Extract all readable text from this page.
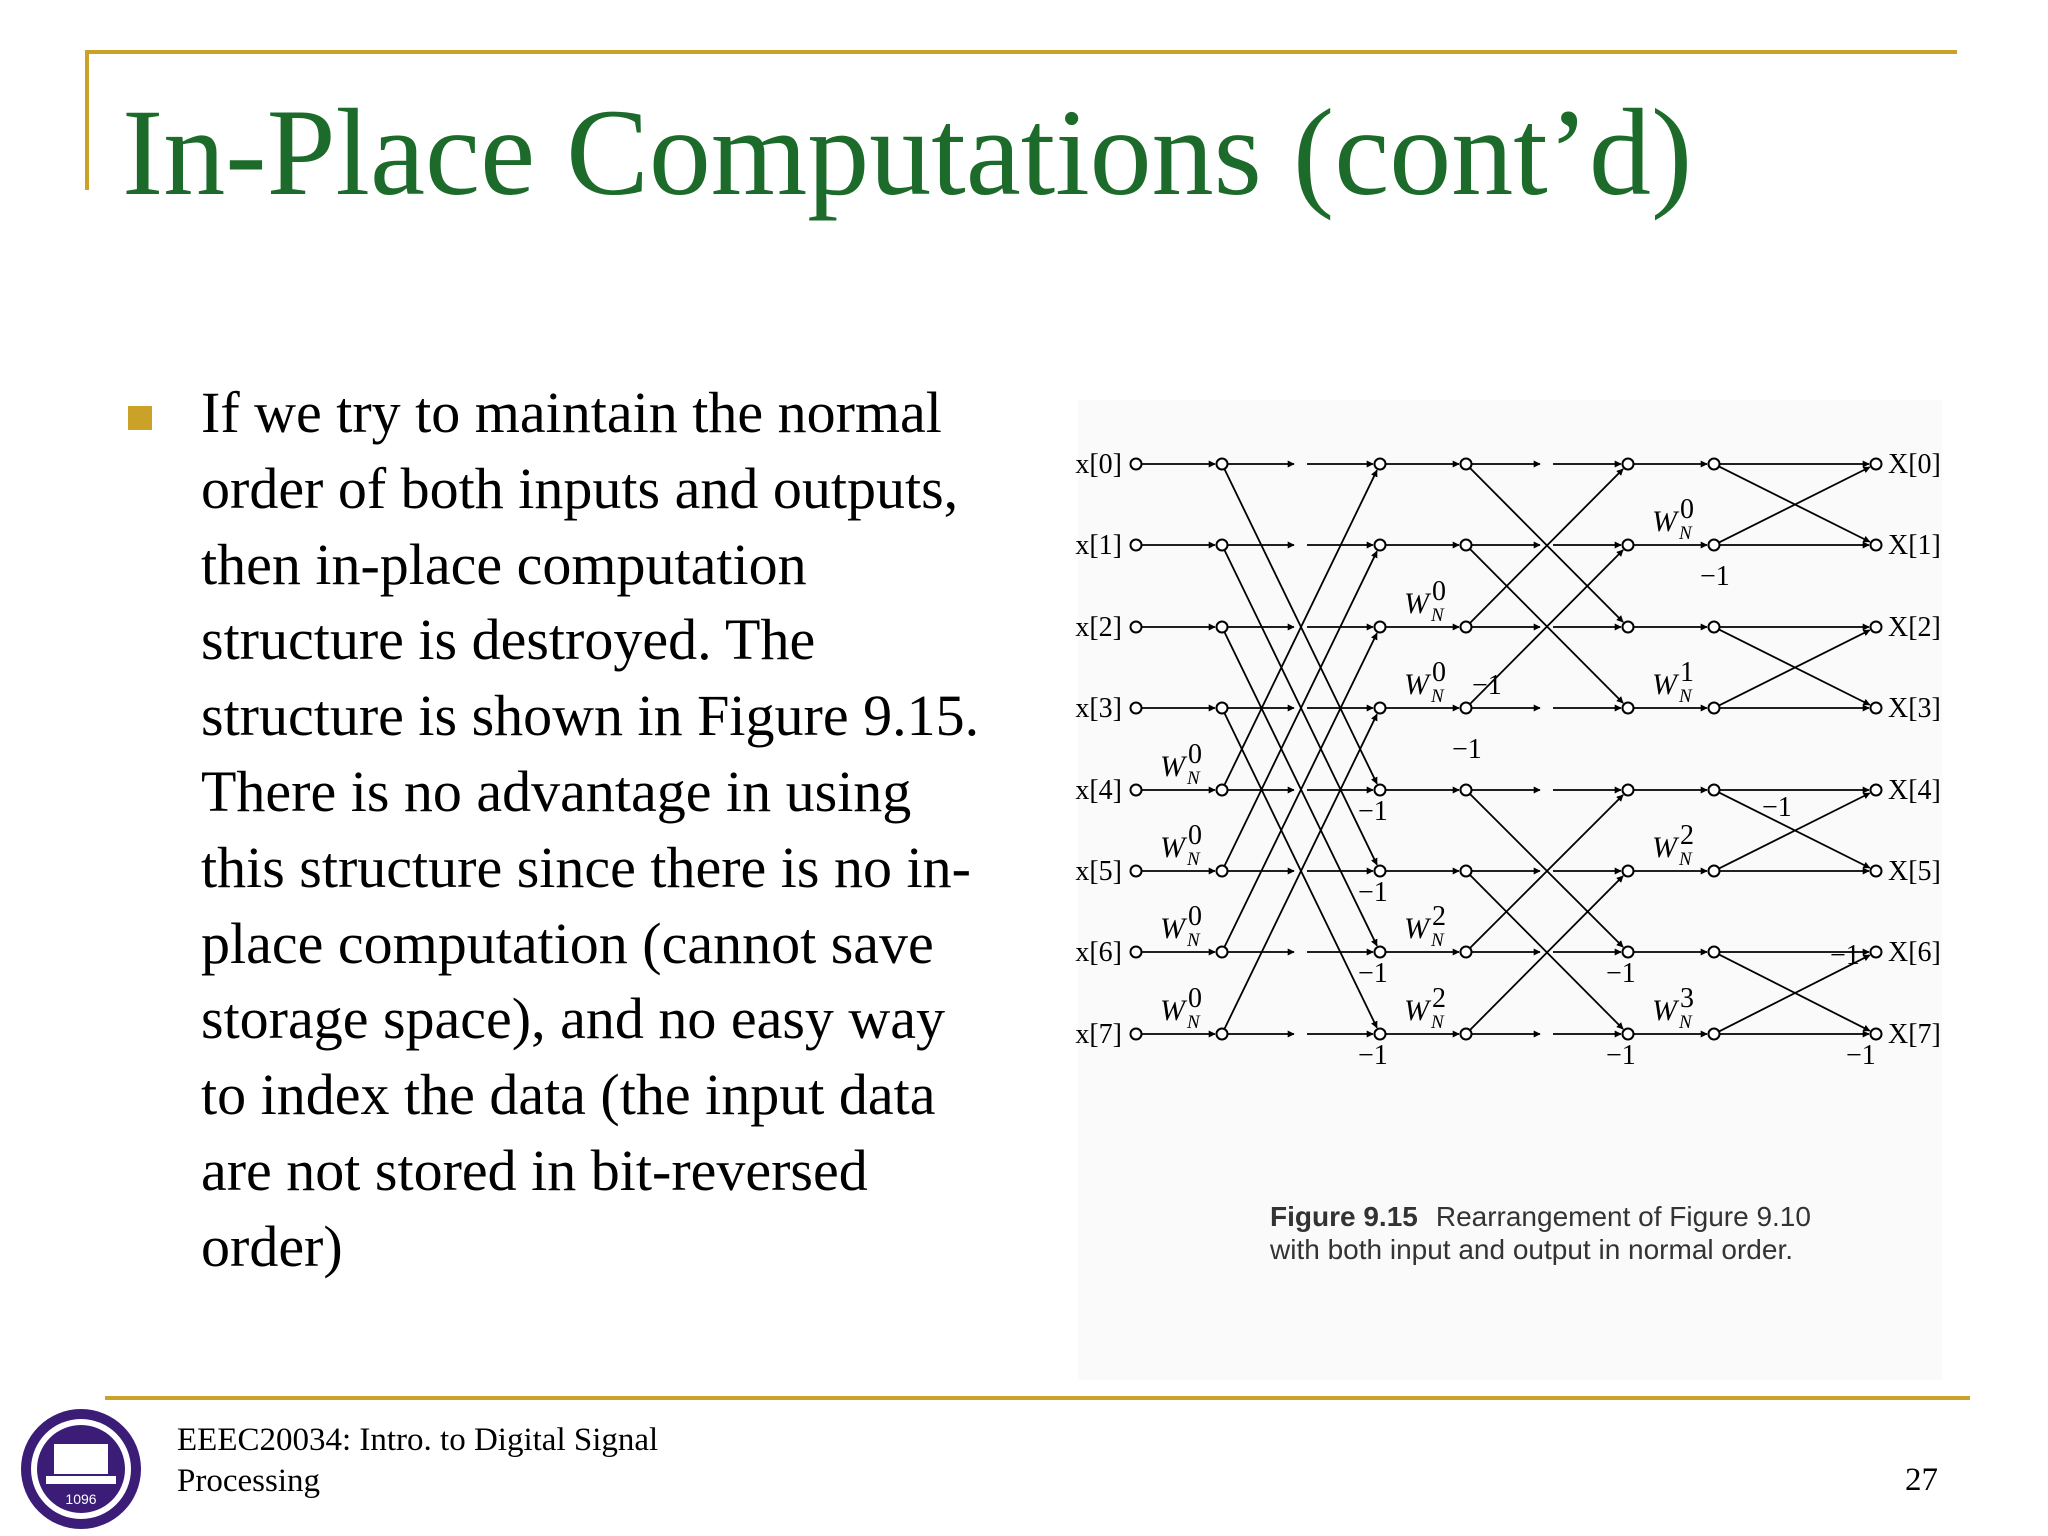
In-Place Computations (cont’d)

If we try to maintain the normal order of both inputs and outputs, then in-place computation structure is destroyed. The structure is shown in Figure 9.15. There is no advantage in using this structure since there is no in-place computation (cannot save storage space), and no easy way to index the data (the input data are not stored in bit-reversed order)

x[0]
x[1]
x[2]
x[3]
x[4]
x[5]
x[6]
x[7]
X[0]
X[1]
X[2]
X[3]
X[4]
X[5]
X[6]
X[7]
W N
0
W N
0
W N
0
W N
0
W N
0
W N
0
W N
2
W N
2
W N
0
W N
1
W N
2
W N
3
−1
−1
−1
−1
−1
−1
−1
−1
−1
−1
−1
−1
Figure 9.15 Rearrangement of Figure 9.10 with both input and output in normal order.
1096
EEEC20034: Intro. to Digital Signal Processing	27
